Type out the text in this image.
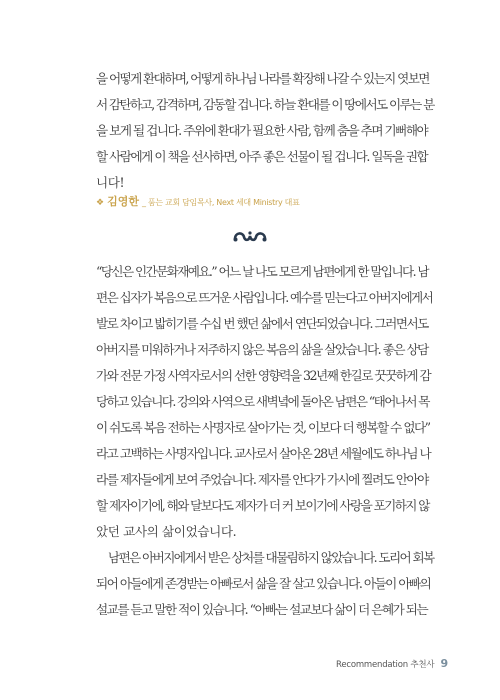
을 어떻게 환대하며, 어떻게 하나님 나라를 확장해 나갈 수 있는지 엿보면
서 감탄하고, 감격하며, 감동할 겁니다. 하늘 환대를 이 땅에서도 이루는 분
을 보게 될 겁니다. 주위에 환대가 필요한 사람, 함께 춤을 추며 기뻐해야
할 사람에게 이 책을 선사하면, 아주 좋은 선물이 될 겁니다. 일독을 권합
니다!
❖ 김영한 _ 품는 교회 담임목사, Next 세대 Ministry 대표
“당신은 인간문화재예요.” 어느 날 나도 모르게 남편에게 한 말입니다. 남
편은 십자가 복음으로 뜨거운 사람입니다. 예수를 믿는다고 아버지에게서
발로 차이고 밟히기를 수십 번 했던 삶에서 연단되었습니다. 그러면서도
아버지를 미워하거나 저주하지 않은 복음의 삶을 살았습니다. 좋은 상담
가와 전문 가정 사역자로서의 선한 영향력을 32년째 한길로 꿋꿋하게 감
당하고 있습니다. 강의와 사역으로 새벽녘에 돌아온 남편은 “태어나서 목
이 쉬도록 복음 전하는 사명자로 살아가는 것, 이보다 더 행복할 수 없다”
라고 고백하는 사명자입니다. 교사로서 살아온 28년 세월에도 하나님 나
라를 제자들에게 보여 주었습니다. 제자를 안다가 가시에 찔려도 안아야
할 제자이기에, 해와 달보다도 제자가 더 커 보이기에 사랑을 포기하지 않
았던 교사의 삶이었습니다.
남편은 아버지에게서 받은 상처를 대물림하지 않았습니다. 도리어 회복
되어 아들에게 존경받는 아빠로서 삶을 잘 살고 있습니다. 아들이 아빠의
설교를 듣고 말한 적이 있습니다. “아빠는 설교보다 삶이 더 은혜가 되는
Recommendation 추천사 9
